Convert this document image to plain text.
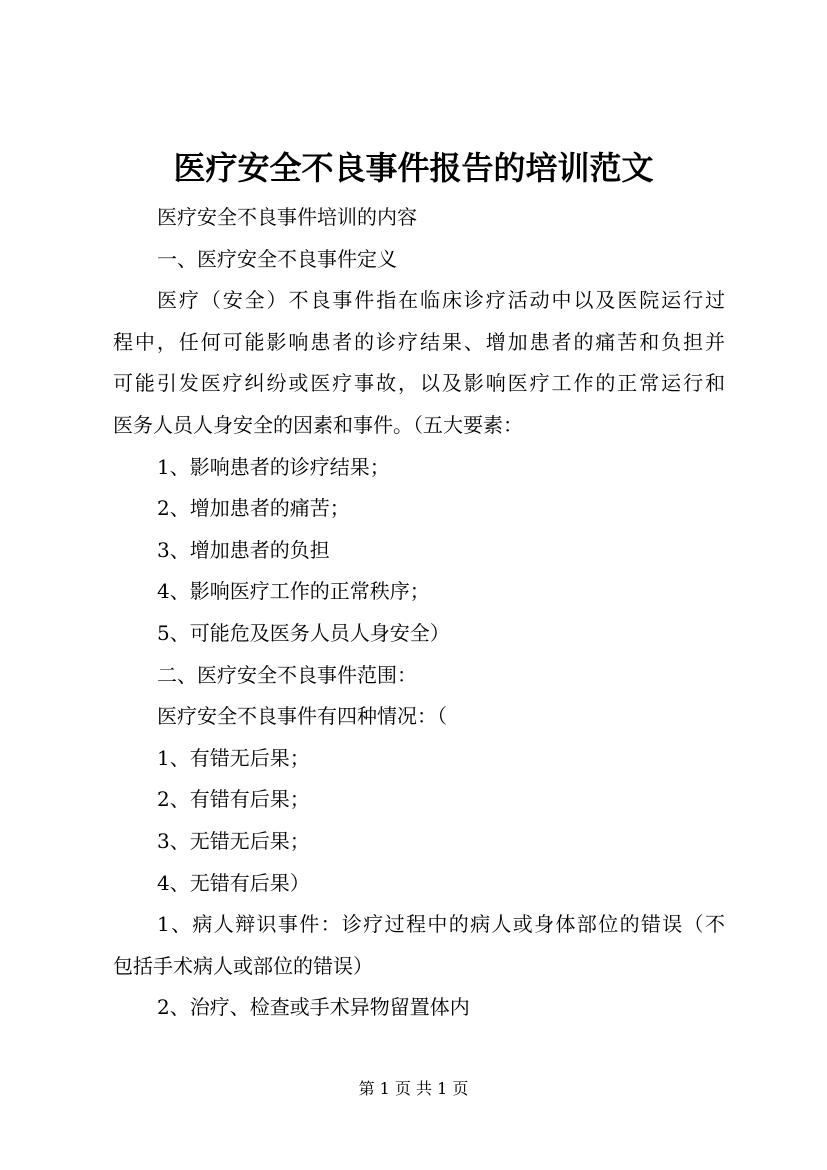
医疗安全不良事件报告的培训范文
医疗安全不良事件培训的内容
一、医疗安全不良事件定义
医疗（安全）不良事件指在临床诊疗活动中以及医院运行过
程中，任何可能影响患者的诊疗结果、增加患者的痛苦和负担并
可能引发医疗纠纷或医疗事故，以及影响医疗工作的正常运行和
医务人员人身安全的因素和事件。（五大要素：
1、影响患者的诊疗结果；
2、增加患者的痛苦；
3、增加患者的负担
4、影响医疗工作的正常秩序；
5、可能危及医务人员人身安全）
二、医疗安全不良事件范围：
医疗安全不良事件有四种情况：（
1、有错无后果；
2、有错有后果；
3、无错无后果；
4、无错有后果）
1、病人辩识事件：诊疗过程中的病人或身体部位的错误（不
包括手术病人或部位的错误）
2、治疗、检查或手术异物留置体内
第 1 页 共 1 页
